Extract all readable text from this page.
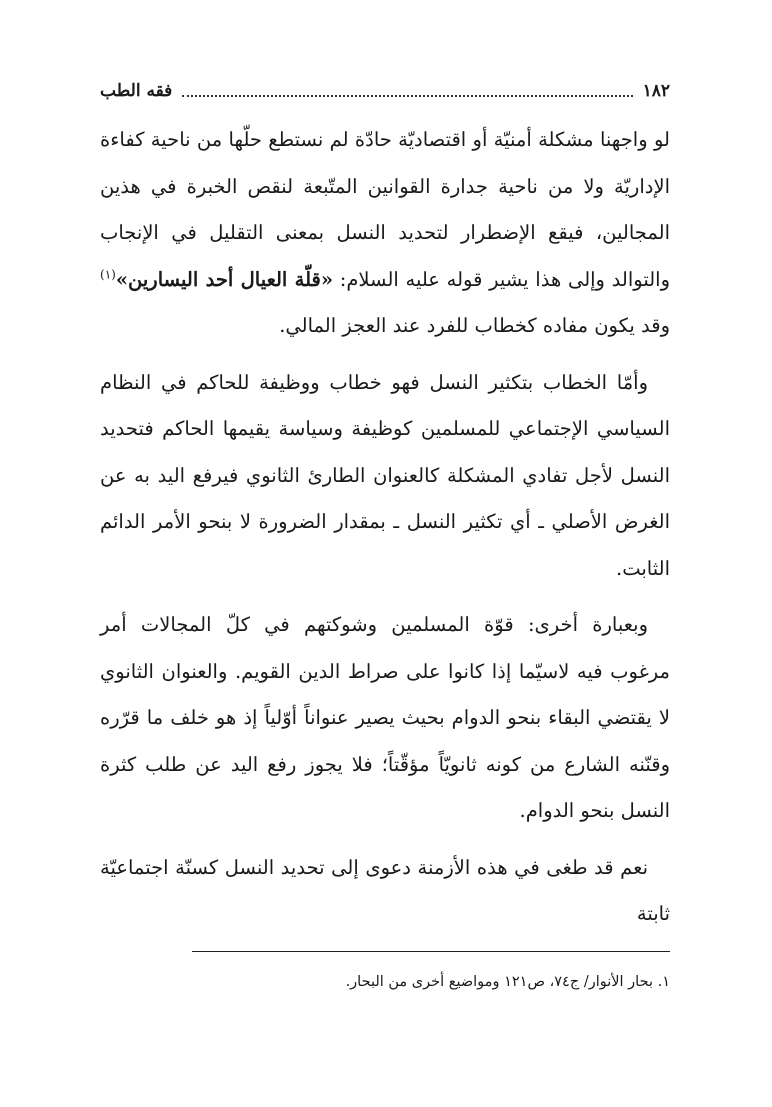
١٨٢
فقه الطب

لو واجهنا مشكلة أمنيّة أو اقتصاديّة حادّة لم نستطع حلّها من ناحية كفاءة الإداريّة ولا من ناحية جدارة القوانين المتّبعة لنقص الخبرة في هذين المجالين، فيقع الإضطرار لتحديد النسل بمعنى التقليل في الإنجاب والتوالد وإلى هذا يشير قوله عليه السلام: «قلّة العيال أحد اليسارين»$^{(١)}$ وقد يكون مفاده كخطاب للفرد عند العجز المالي.

وأمّا الخطاب بتكثير النسل فهو خطاب ووظيفة للحاكم في النظام السياسي الإجتماعي للمسلمين كوظيفة وسياسة يقيمها الحاكم فتحديد النسل لأجل تفادي المشكلة كالعنوان الطارئ الثانوي فيرفع اليد به عن الغرض الأصلي ـ أي تكثير النسل ـ بمقدار الضرورة لا بنحو الأمر الدائم الثابت.

وبعبارة أخرى: قوّة المسلمين وشوكتهم في كلّ المجالات أمر مرغوب فيه لاسيّما إذا كانوا على صراط الدين القويم. والعنوان الثانوي لا يقتضي البقاء بنحو الدوام بحيث يصير عنواناً أوّلياً إذ هو خلف ما قرّره وقنّنه الشارع من كونه ثانويّاً مؤقّتاً؛ فلا يجوز رفع اليد عن طلب كثرة النسل بنحو الدوام.

نعم قد طغى في هذه الأزمنة دعوى إلى تحديد النسل كسنّة اجتماعيّة ثابتة

١. بحار الأنوار/ ج٧٤، ص١٢١ ومواضيع أخرى من البحار.
